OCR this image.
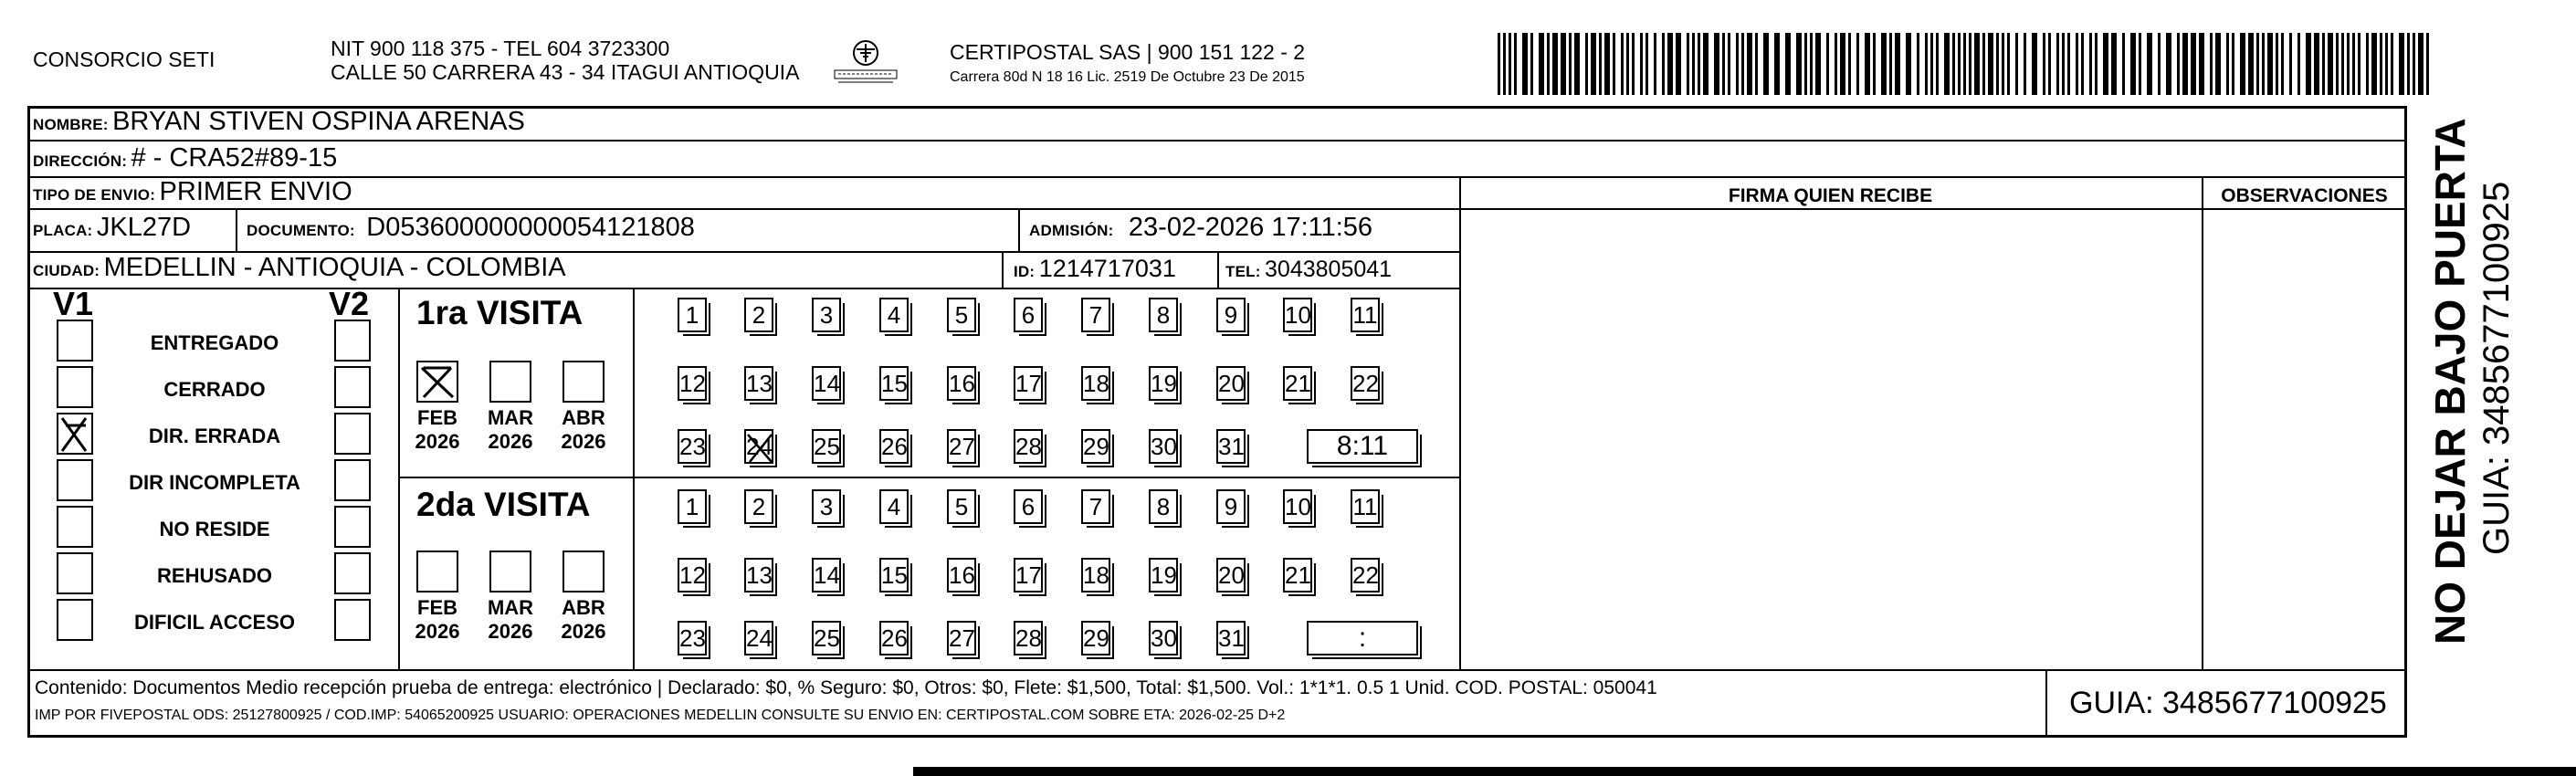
CONSORCIO SETI	NIT 900 118 375 - TEL 604 3723300
CALLE 50 CARRERA 43 - 34 ITAGUI ANTIOQUIA
CERTIPOSTAL SAS | 900 151 122 - 2
Carrera 80d N 18 16 Lic. 2519 De Octubre 23 De 2015
NOMBRE: BRYAN STIVEN OSPINA ARENAS
DIRECCIÓN: # - CRA52#89-15
TIPO DE ENVIO: PRIMER ENVIO	FIRMA QUIEN RECIBE	OBSERVACIONES
PLACA: JKL27D	DOCUMENTO: D053600000000054121808	ADMISIÓN: 23-02-2026 17:11:56
CIUDAD: MEDELLIN - ANTIOQUIA - COLOMBIA	ID: 1214717031	TEL: 3043805041
V1	V2
ENTREGADO
CERRADO
DIR. ERRADA
DIR INCOMPLETA
NO RESIDE
REHUSADO
DIFICIL ACCESO
1ra VISITA
2da VISITA
FEB
2026
MAR
2026
ABR
2026
FEB
2026
MAR
2026
ABR
2026
1	2	3	4	5	6	7	8	9	10 11
12 13 14 15 16 17 18 19 20 21 22
23 24 25 26 27 28 29 30 31	8:11
1	2	3	4	5	6	7	8	9	10 11
12 13 14 15 16 17 18 19 20 21 22
23 24 25 26 27 28 29 30 31	:
Contenido: Documentos Medio recepción prueba de entrega: electrónico | Declarado: $0, % Seguro: $0, Otros: $0, Flete: $1,500, Total: $1,500. Vol.: 1*1*1. 0.5 1 Unid. COD. POSTAL: 050041
IMP POR FIVEPOSTAL ODS: 25127800925 / COD.IMP: 54065200925 USUARIO: OPERACIONES MEDELLIN CONSULTE SU ENVIO EN: CERTIPOSTAL.COM SOBRE ETA: 2026-02-25 D+2	GUIA: 3485677100925
NO DEJAR BAJO PUERTA GUIA: 3485677100925
